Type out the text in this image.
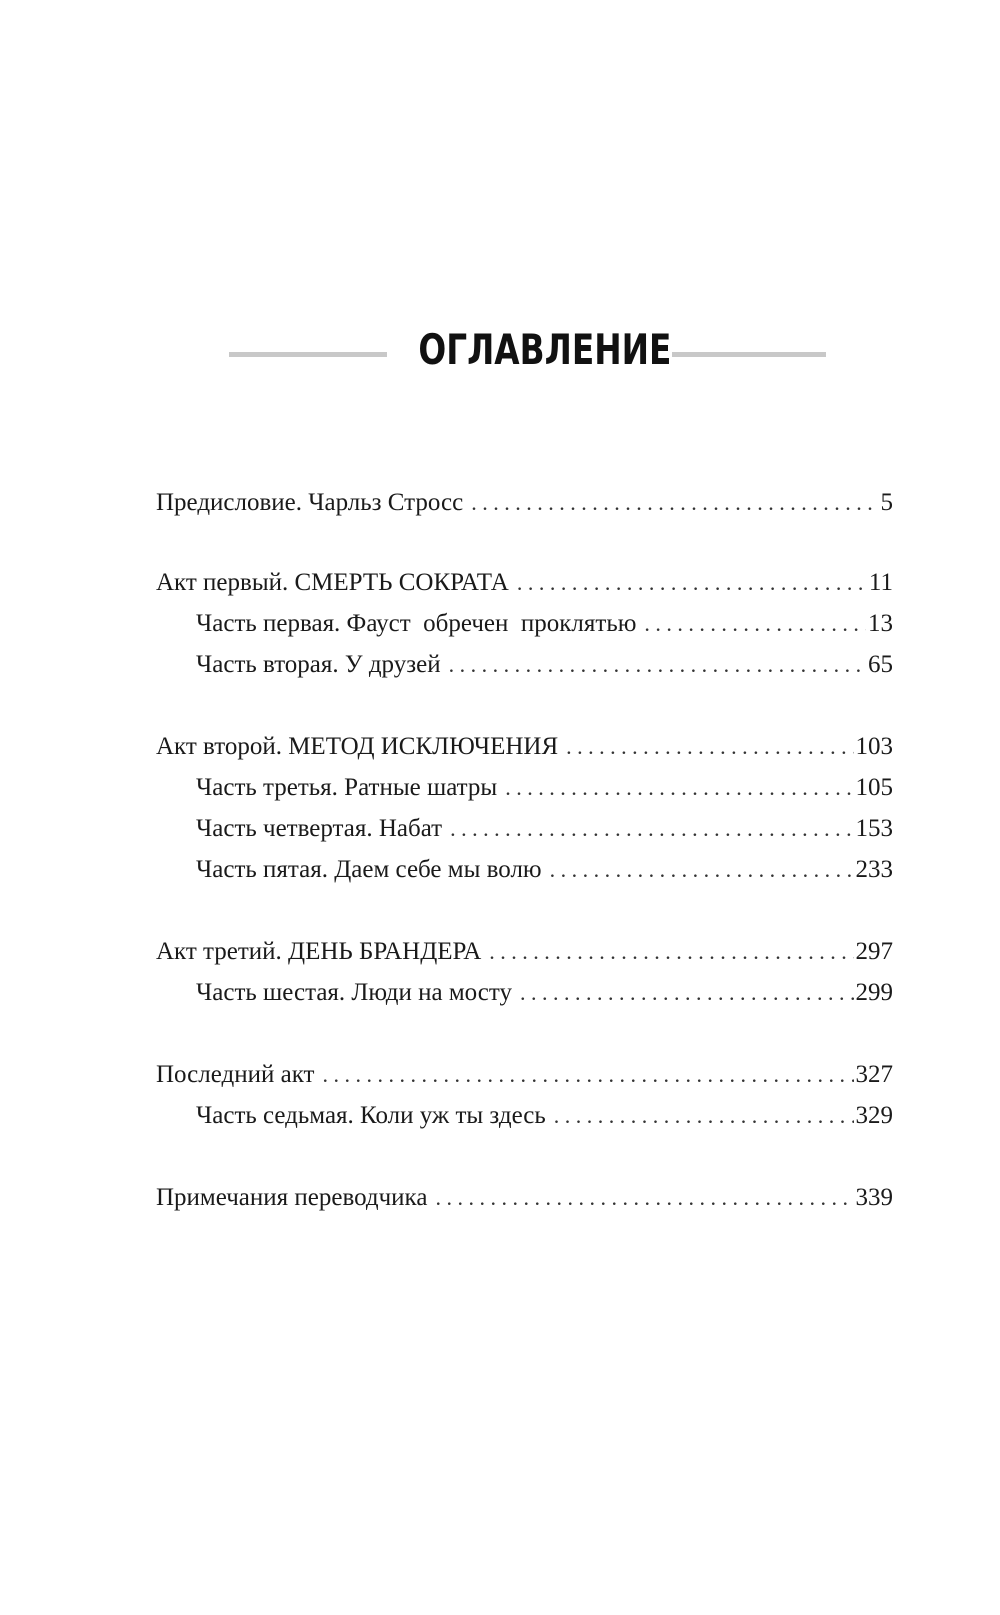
ОГЛАВЛЕНИЕ
Предисловие. Чарльз Стросс . . .	5
Акт первый. СМЕРТЬ СОКРАТА . . .	11
Часть первая. Фауст  обречен  проклятью . . .	13
Часть вторая. У друзей . . .	65
Акт второй. МЕТОД ИСКЛЮЧЕНИЯ . . .	103
Часть третья. Ратные шатры . . .	105
Часть четвертая. Набат . . .	153
Часть пятая. Даем себе мы волю . . .	233
Акт третий. ДЕНЬ БРАНДЕРА . . .	297
Часть шестая. Люди на мосту . . .	299
Последний акт . . .	327
Часть седьмая. Коли уж ты здесь . . .	329
Примечания переводчика . . .	339
